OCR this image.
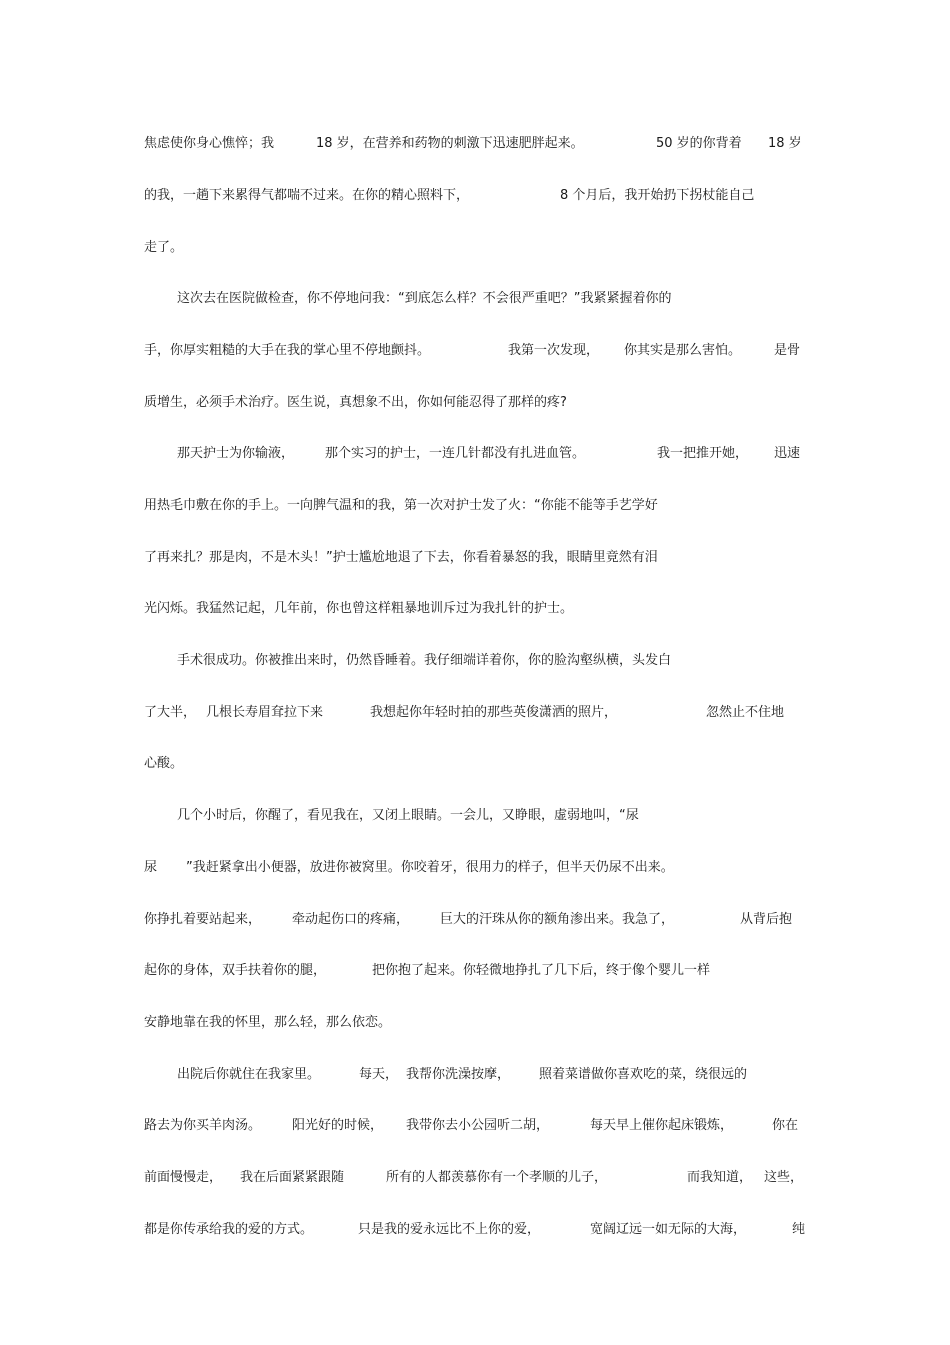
焦虑使你身心憔悴；我	18 岁，在营养和药物的刺激下迅速肥胖起来。	50 岁的你背着 18 岁
的我，一趟下来累得气都喘不过来。在你的精心照料下，	8 个月后，我开始扔下拐杖能自己
走了。
这次去在医院做检查，你不停地问我：“到底怎么样？不会很严重吧？”我紧紧握着你的
手，你厚实粗糙的大手在我的掌心里不停地颤抖。	我第一次发现， 你其实是那么害怕。	是骨
质增生，必须手术治疗。医生说，真想象不出，你如何能忍得了那样的疼?
那天护士为你输液， 那个实习的护士，一连几针都没有扎进血管。	我一把推开她， 迅速
用热毛巾敷在你的手上。一向脾气温和的我，第一次对护士发了火：“你能不能等手艺学好
了再来扎？那是肉，不是木头！”护士尴尬地退了下去，你看着暴怒的我，眼睛里竟然有泪
光闪烁。我猛然记起，几年前，你也曾这样粗暴地训斥过为我扎针的护士。
手术很成功。你被推出来时，仍然昏睡着。我仔细端详着你，你的脸沟壑纵横，头发白
了大半， 几根长寿眉耷拉下来	我想起你年轻时拍的那些英俊潇洒的照片，	忽然止不住地
心酸。
几个小时后，你醒了，看见我在，又闭上眼睛。一会儿，又睁眼，虚弱地叫，“尿
尿 ”我赶紧拿出小便器，放进你被窝里。你咬着牙，很用力的样子，但半天仍尿不出来。
你挣扎着要站起来， 牵动起伤口的疼痛， 巨大的汗珠从你的额角渗出来。我急了，	从背后抱
起你的身体，双手扶着你的腿，	把你抱了起来。你轻微地挣扎了几下后，终于像个婴儿一样
安静地靠在我的怀里，那么轻，那么依恋。
出院后你就住在我家里。	每天， 我帮你洗澡按摩， 照着菜谱做你喜欢吃的菜，绕很远的
路去为你买羊肉汤。 阳光好的时候， 我带你去小公园听二胡，	每天早上催你起床锻炼，	你在
前面慢慢走， 我在后面紧紧跟随	所有的人都羡慕你有一个孝顺的儿子，	而我知道， 这些，
都是你传承给我的爱的方式。	只是我的爱永远比不上你的爱，	宽阔辽远一如无际的大海，	纯
